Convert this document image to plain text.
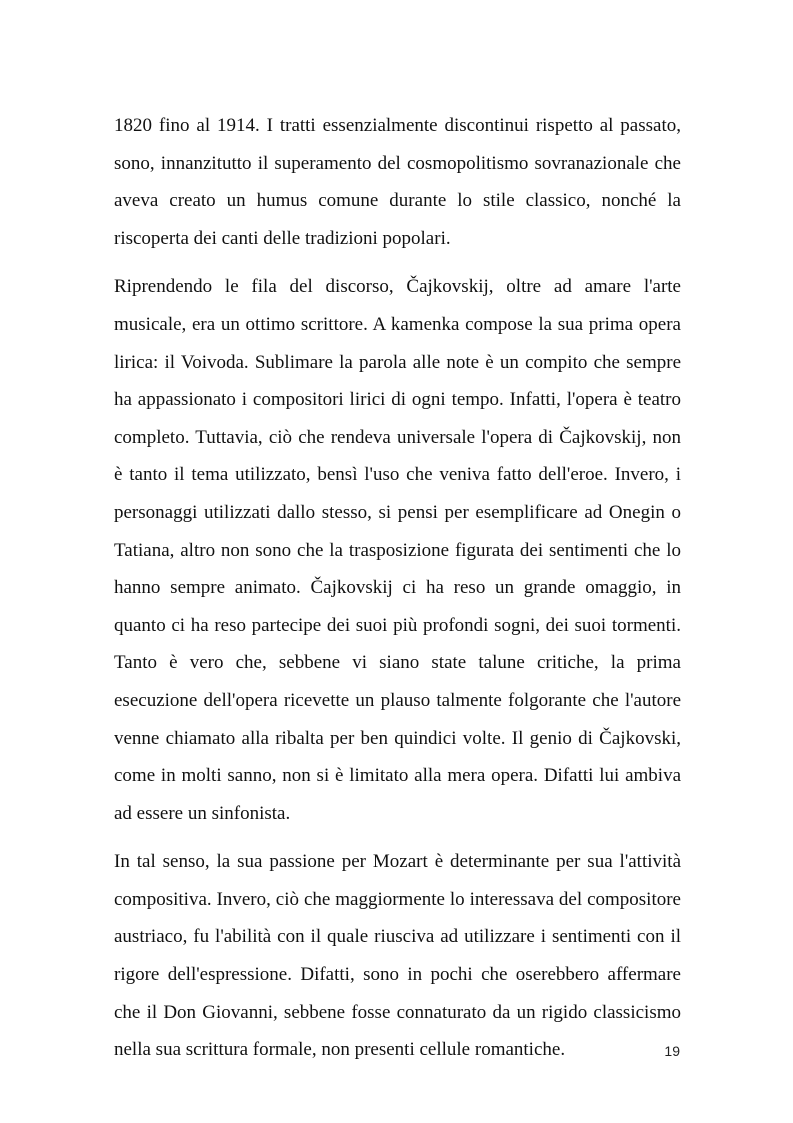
1820 fino al 1914. I tratti essenzialmente discontinui rispetto al passato, sono, innanzitutto il superamento del cosmopolitismo sovranazionale che aveva creato un humus comune durante lo stile classico, nonché la riscoperta dei canti delle tradizioni popolari.

Riprendendo le fila del discorso, Čajkovskij, oltre ad amare l'arte musicale, era un ottimo scrittore. A kamenka compose la sua prima opera lirica: il Voivoda. Sublimare la parola alle note è un compito che sempre ha appassionato i compositori lirici di ogni tempo. Infatti, l'opera è teatro completo. Tuttavia, ciò che rendeva universale l'opera di Čajkovskij, non è tanto il tema utilizzato, bensì l'uso che veniva fatto dell'eroe. Invero, i personaggi utilizzati dallo stesso, si pensi per esemplificare ad Onegin o Tatiana, altro non sono che la trasposizione figurata dei sentimenti che lo hanno sempre animato. Čajkovskij ci ha reso un grande omaggio, in quanto ci ha reso partecipe dei suoi più profondi sogni, dei suoi tormenti. Tanto è vero che, sebbene vi siano state talune critiche, la prima esecuzione dell'opera ricevette un plauso talmente folgorante che l'autore venne chiamato alla ribalta per ben quindici volte. Il genio di Čajkovski, come in molti sanno, non si è limitato alla mera opera. Difatti lui ambiva ad essere un sinfonista.

In tal senso, la sua passione per Mozart è determinante per sua l'attività compositiva. Invero, ciò che maggiormente lo interessava del compositore austriaco, fu l'abilità con il quale riusciva ad utilizzare i sentimenti con il rigore dell'espressione. Difatti, sono in pochi che oserebbero affermare che il Don Giovanni, sebbene fosse connaturato da un rigido classicismo nella sua scrittura formale, non presenti cellule romantiche.	19
